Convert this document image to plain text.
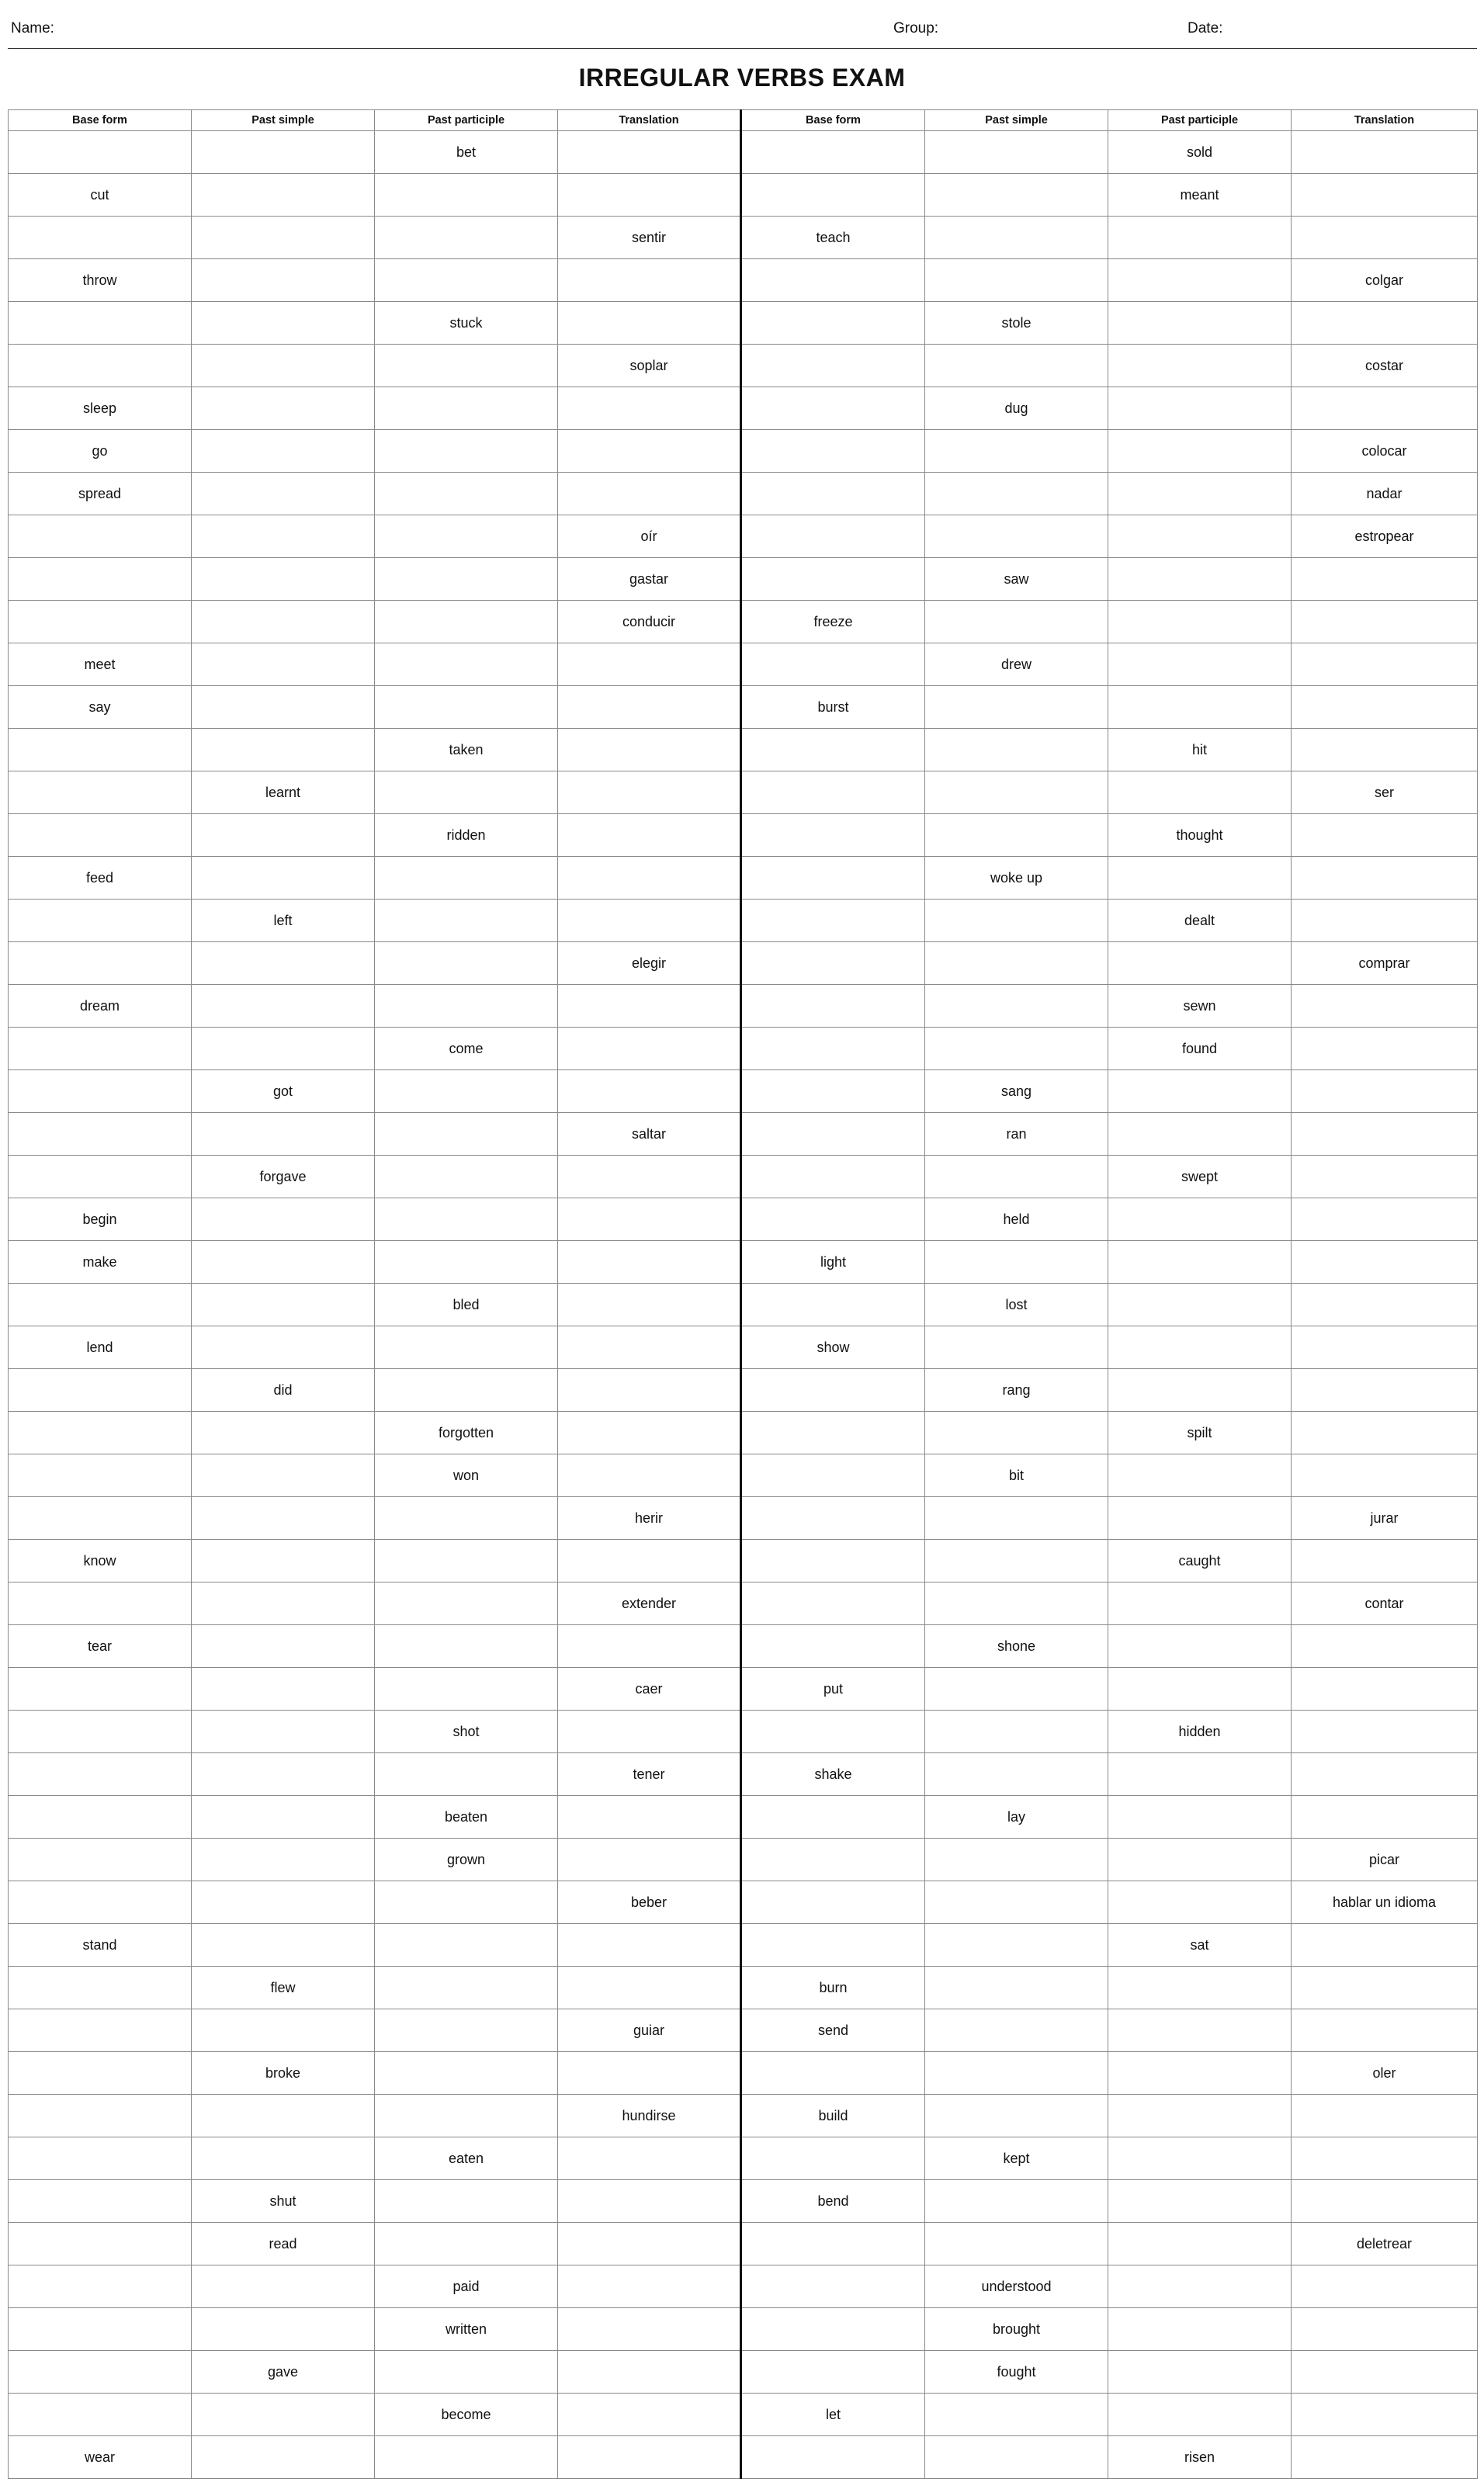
Name:	Group:	Date:
IRREGULAR VERBS EXAM
Base form	Past simple	Past participle	Translation	Base form	Past simple	Past participle	Translation
		bet				sold	
cut						meant	
			sentir	teach			
throw							colgar
		stuck			stole		
			soplar				costar
sleep					dug		
go							colocar
spread							nadar
			oír				estropear
			gastar		saw		
			conducir	freeze			
meet					drew		
say				burst			
		taken				hit	
	learnt						ser
		ridden				thought	
feed					woke up		
	left					dealt	
			elegir				comprar
dream						sewn	
		come				found	
	got				sang		
			saltar		ran		
	forgave					swept	
begin					held		
make				light			
		bled			lost		
lend				show			
	did				rang		
		forgotten				spilt	
		won			bit		
			herir				jurar
know						caught	
			extender				contar
tear					shone		
			caer	put			
		shot				hidden	
			tener	shake			
		beaten			lay		
		grown					picar
			beber				hablar un idioma
stand						sat	
	flew			burn			
			guiar	send			
	broke						oler
			hundirse	build			
		eaten			kept		
	shut			bend			
	read						deletrear
		paid			understood		
		written			brought		
	gave				fought		
		become		let			
wear						risen	
